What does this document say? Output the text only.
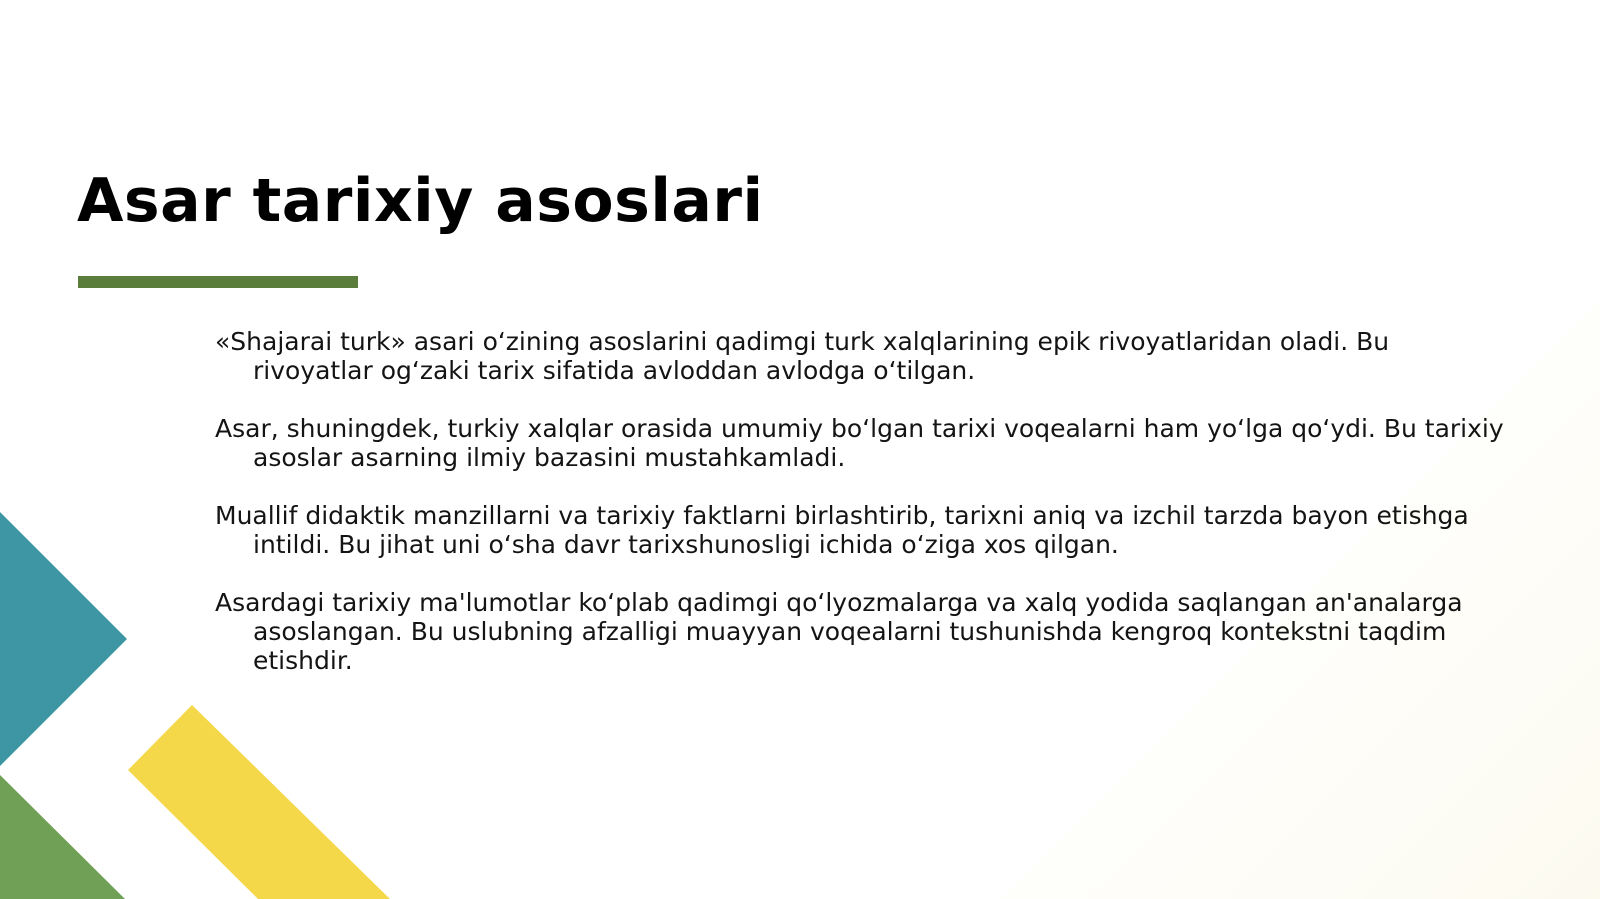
Asar tarixiy asoslari
«Shajarai turk» asari o‘zining asoslarini qadimgi turk xalqlarining epik rivoyatlaridan oladi. Bu rivoyatlar og‘zaki tarix sifatida avloddan avlodga o‘tilgan.
Asar, shuningdek, turkiy xalqlar orasida umumiy bo‘lgan tarixi voqealarni ham yo‘lga qo‘ydi. Bu tarixiy asoslar asarning ilmiy bazasini mustahkamladi.
Muallif didaktik manzillarni va tarixiy faktlarni birlashtirib, tarixni aniq va izchil tarzda bayon etishga intildi. Bu jihat uni o‘sha davr tarixshunosligi ichida o‘ziga xos qilgan.
Asardagi tarixiy ma'lumotlar ko‘plab qadimgi qo‘lyozmalarga va xalq yodida saqlangan an'analarga asoslangan. Bu uslubning afzalligi muayyan voqealarni tushunishda kengroq kontekstni taqdim etishdir.
